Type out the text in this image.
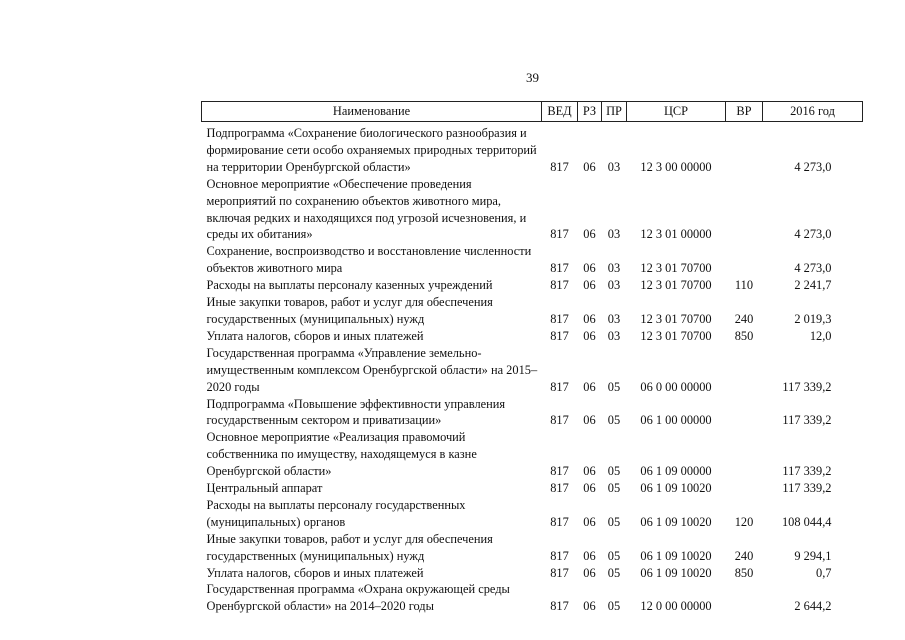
39
Наименование	ВЕД	РЗ	ПР	ЦСР	ВР	2016 год
Подпрограмма «Сохранение биологического разнообразия и формирование сети особо охраняемых природных территорий на территории Оренбургской области»	817	06	03	12 3 00 00000		4 273,0
Основное мероприятие «Обеспечение проведения мероприятий по сохранению объектов животного мира, включая редких и находящихся под угрозой исчезновения, и среды их обитания»	817	06	03	12 3 01 00000		4 273,0
Сохранение, воспроизводство и восстановление численности объектов животного мира	817	06	03	12 3 01 70700		4 273,0
Расходы на выплаты персоналу казенных учреждений	817	06	03	12 3 01 70700	110	2 241,7
Иные закупки товаров, работ и услуг для обеспечения государственных (муниципальных) нужд	817	06	03	12 3 01 70700	240	2 019,3
Уплата налогов, сборов и иных платежей	817	06	03	12 3 01 70700	850	12,0
Государственная программа «Управление земельно-имущественным комплексом Оренбургской области» на 2015–2020 годы	817	06	05	06 0 00 00000		117 339,2
Подпрограмма «Повышение эффективности управления государственным сектором и приватизации»	817	06	05	06 1 00 00000		117 339,2
Основное мероприятие «Реализация правомочий собственника по имуществу, находящемуся в казне Оренбургской области»	817	06	05	06 1 09 00000		117 339,2
Центральный аппарат	817	06	05	06 1 09 10020		117 339,2
Расходы на выплаты персоналу государственных (муниципальных) органов	817	06	05	06 1 09 10020	120	108 044,4
Иные закупки товаров, работ и услуг для обеспечения государственных (муниципальных) нужд	817	06	05	06 1 09 10020	240	9 294,1
Уплата налогов, сборов и иных платежей	817	06	05	06 1 09 10020	850	0,7
Государственная программа «Охрана окружающей среды Оренбургской области» на 2014–2020 годы	817	06	05	12 0 00 00000		2 644,2
